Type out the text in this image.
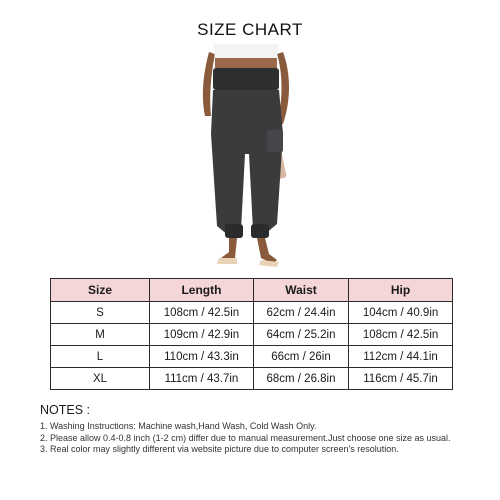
SIZE CHART
Size	Length	Waist	Hip
S	108cm / 42.5in	62cm / 24.4in	104cm / 40.9in
M	109cm / 42.9in	64cm / 25.2in	108cm / 42.5in
L	110cm / 43.3in	66cm / 26in	112cm / 44.1in
XL	111cm / 43.7in	68cm / 26.8in	116cm / 45.7in
NOTES :
1. Washing Instructions: Machine wash,Hand Wash, Cold Wash Only.
2. Please allow 0.4-0.8 inch (1-2 cm) differ due to manual measurement.Just choose one size as usual.
3. Real color may slightly different via website picture due to computer screen's resolution.
